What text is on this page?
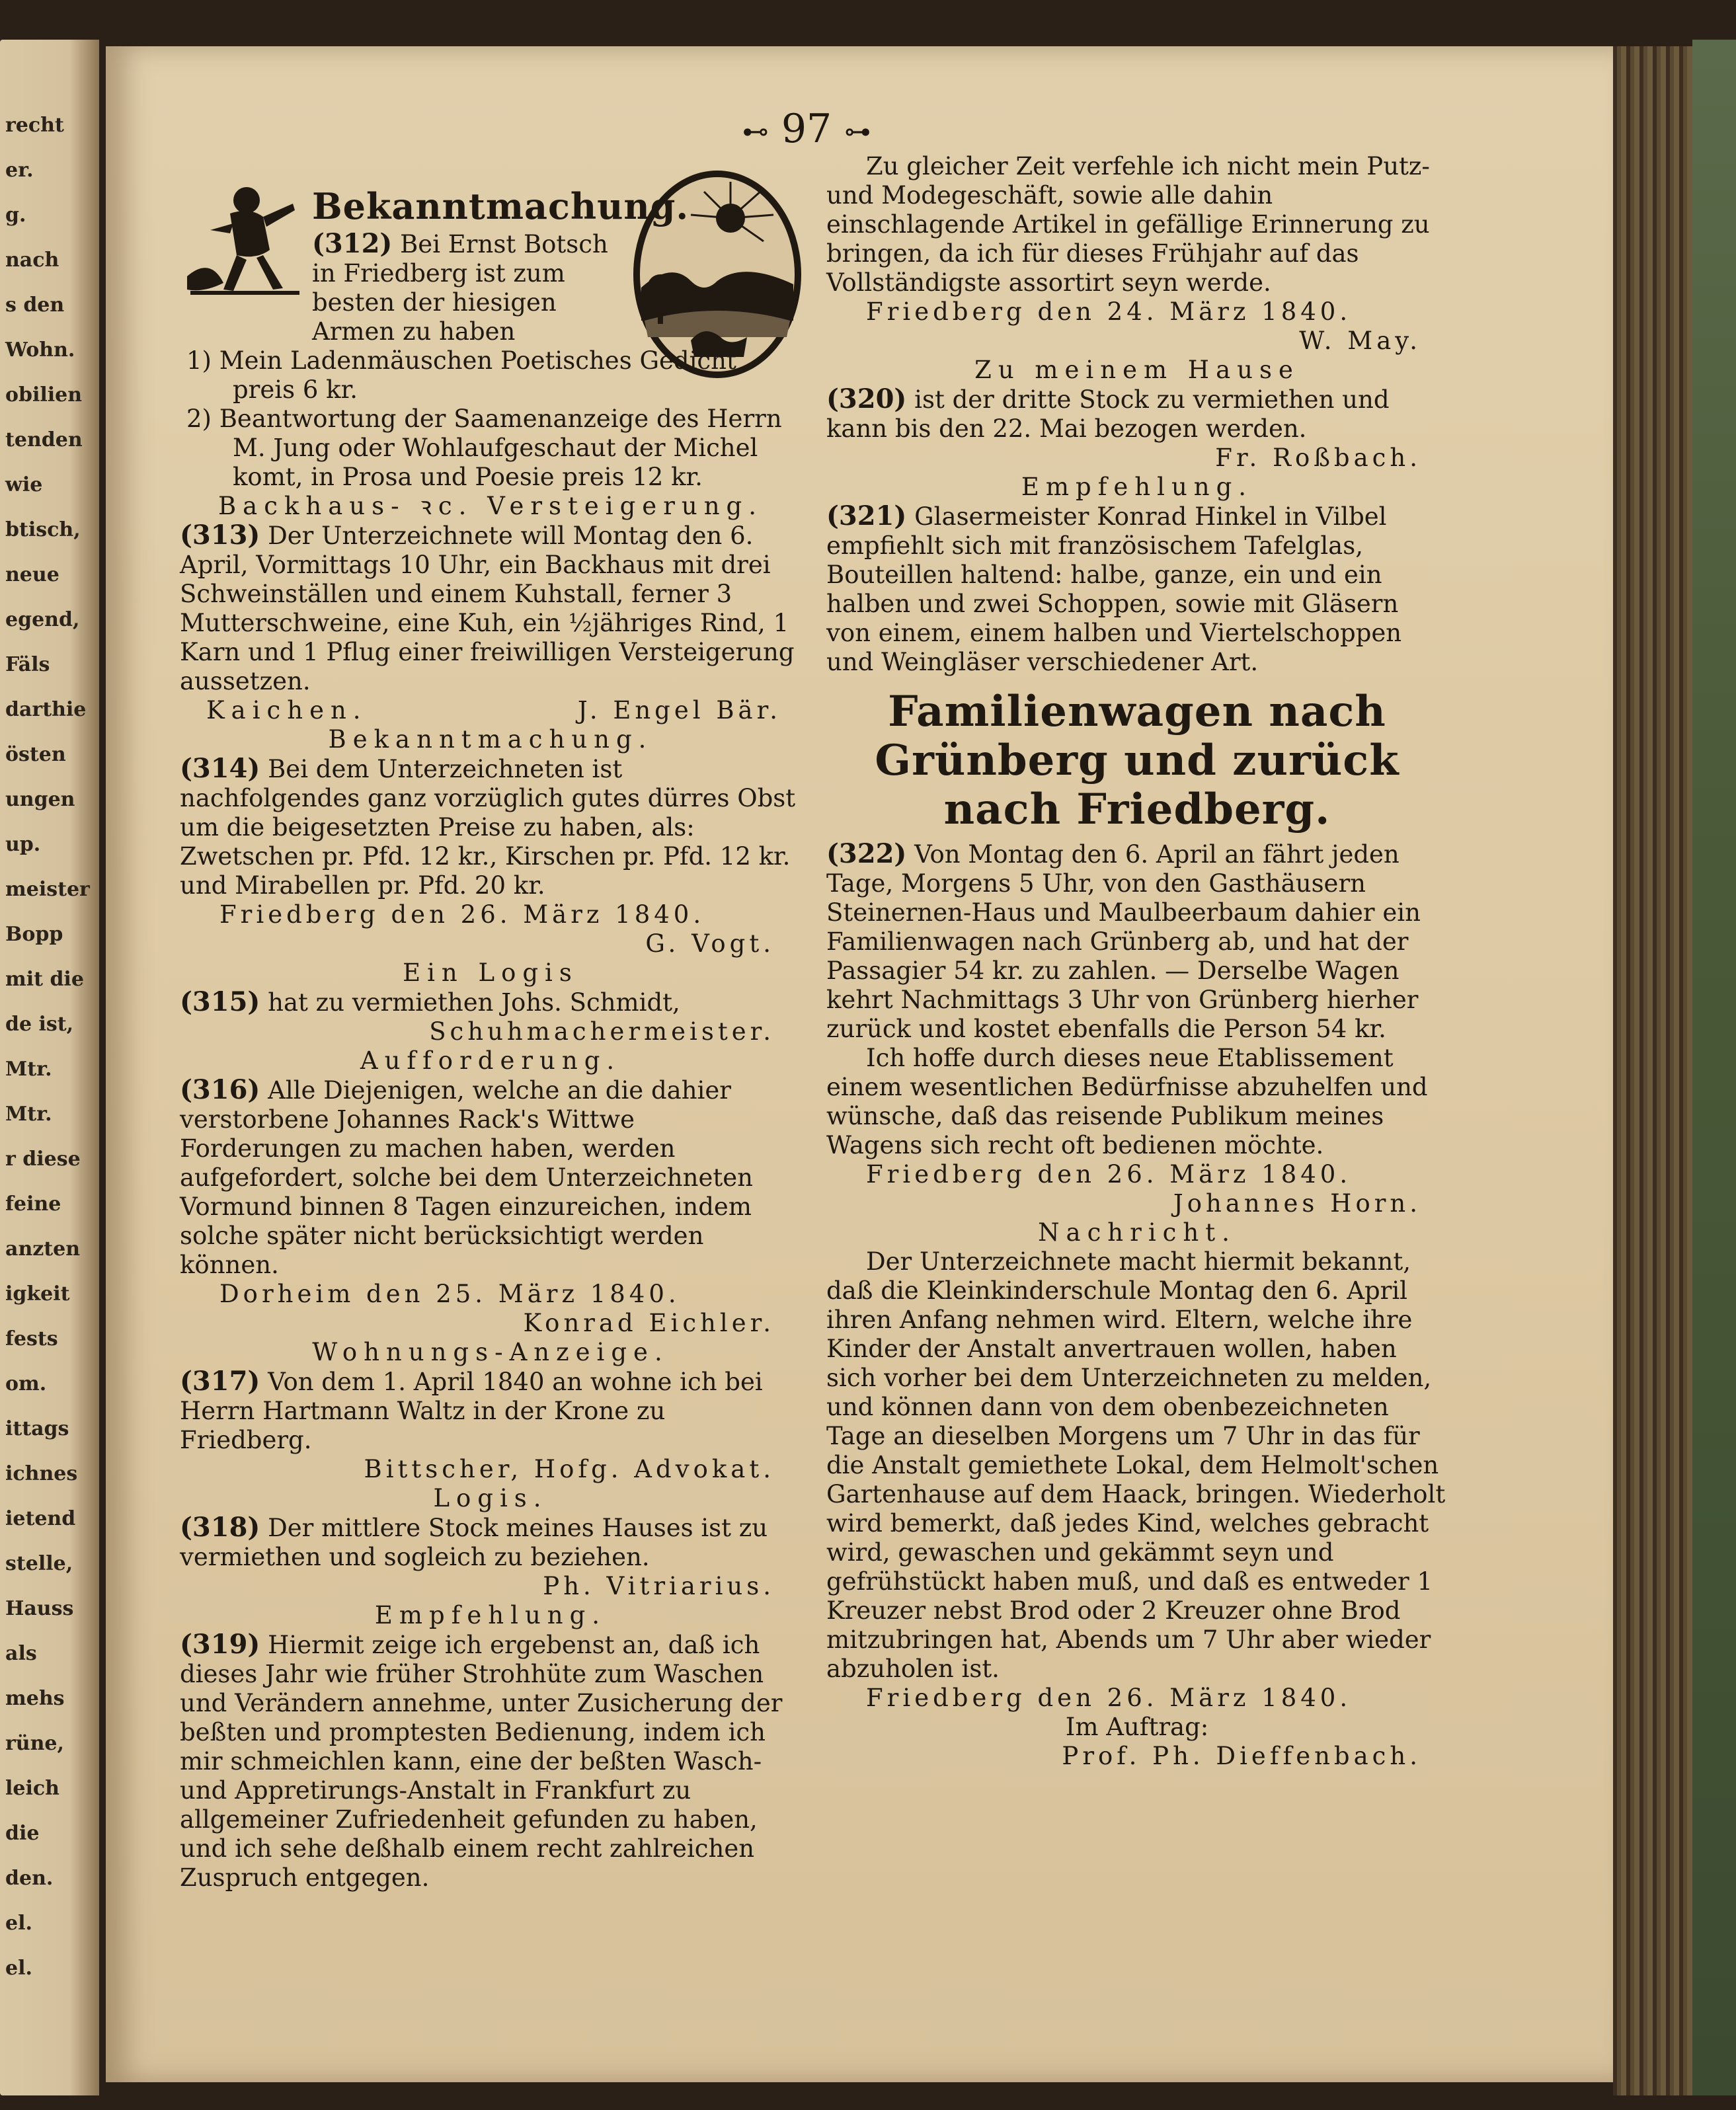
recht
er.
g.
nach
s den
Wohn.
obilien
tenden
wie
btisch,
neue
egend,
Fäls
darthie
östen
ungen
up.
meister
Bopp
mit die
de ist,
Mtr.
Mtr.
r diese
feine
anzten
igkeit
fests
om.
ittags
ichnes
ietend
stelle,
Hauss
als
mehs
rüne,
leich
die
den.
el.
el.
⊷ 97 ⊶
Bekanntmachung.

(312) Bei Ernst Botsch in Friedberg ist zum besten der hiesigen Armen zu haben

1) Mein Ladenmäuschen Poetisches Gedicht preis 6 kr.

2) Beantwortung der Saamenanzeige des Herrn M. Jung oder Wohlaufgeschaut der Michel komt, in Prosa und Poesie preis 12 kr.

Backhaus- ꝛc. Versteigerung.

(313) Der Unterzeichnete will Montag den 6. April, Vormittags 10 Uhr, ein Backhaus mit drei Schweinställen und einem Kuhstall, ferner 3 Mutterschweine, eine Kuh, ein ½jähriges Rind, 1 Karn und 1 Pflug einer freiwilligen Versteigerung aussetzen.

Kaichen.	J. Engel Bär.

Bekanntmachung.

(314) Bei dem Unterzeichneten ist nachfolgendes ganz vorzüglich gutes dürres Obst um die beigesetzten Preise zu haben, als: Zwetschen pr. Pfd. 12 kr., Kirschen pr. Pfd. 12 kr. und Mirabellen pr. Pfd. 20 kr.

Friedberg den 26. März 1840.

G. Vogt.

Ein Logis

(315) hat zu vermiethen Johs. Schmidt,

Schuhmachermeister.

Aufforderung.

(316) Alle Diejenigen, welche an die dahier verstorbene Johannes Rack's Wittwe Forderungen zu machen haben, werden aufgefordert, solche bei dem Unterzeichneten Vormund binnen 8 Tagen einzureichen, indem solche später nicht berücksichtigt werden können.

Dorheim den 25. März 1840.

Konrad Eichler.

Wohnungs-Anzeige.

(317) Von dem 1. April 1840 an wohne ich bei Herrn Hartmann Waltz in der Krone zu Friedberg.

Bittscher, Hofg. Advokat.

Logis.

(318) Der mittlere Stock meines Hauses ist zu vermiethen und sogleich zu beziehen.

Ph. Vitriarius.

Empfehlung.

(319) Hiermit zeige ich ergebenst an, daß ich dieses Jahr wie früher Strohhüte zum Waschen und Verändern annehme, unter Zusicherung der beßten und promptesten Bedienung, indem ich mir schmeichlen kann, eine der beßten Wasch- und Appretirungs-Anstalt in Frankfurt zu allgemeiner Zufriedenheit gefunden zu haben, und ich sehe deßhalb einem recht zahlreichen Zuspruch entgegen.

Zu gleicher Zeit verfehle ich nicht mein Putz- und Modegeschäft, sowie alle dahin einschlagende Artikel in gefällige Erinnerung zu bringen, da ich für dieses Frühjahr auf das Vollständigste assortirt seyn werde.

Friedberg den 24. März 1840.

W. May.

Zu meinem Hause

(320) ist der dritte Stock zu vermiethen und kann bis den 22. Mai bezogen werden.

Fr. Roßbach.

Empfehlung.

(321) Glasermeister Konrad Hinkel in Vilbel empfiehlt sich mit französischem Tafelglas, Bouteillen haltend: halbe, ganze, ein und ein halben und zwei Schoppen, sowie mit Gläsern von einem, einem halben und Viertelschoppen und Weingläser verschiedener Art.

Familienwagen nach Grünberg und zurück nach Friedberg.

(322) Von Montag den 6. April an fährt jeden Tage, Morgens 5 Uhr, von den Gasthäusern Steinernen-Haus und Maulbeerbaum dahier ein Familienwagen nach Grünberg ab, und hat der Passagier 54 kr. zu zahlen. — Derselbe Wagen kehrt Nachmittags 3 Uhr von Grünberg hierher zurück und kostet ebenfalls die Person 54 kr.

Ich hoffe durch dieses neue Etablissement einem wesentlichen Bedürfnisse abzuhelfen und wünsche, daß das reisende Publikum meines Wagens sich recht oft bedienen möchte.

Friedberg den 26. März 1840.

Johannes Horn.

Nachricht.

Der Unterzeichnete macht hiermit bekannt, daß die Kleinkinderschule Montag den 6. April ihren Anfang nehmen wird. Eltern, welche ihre Kinder der Anstalt anvertrauen wollen, haben sich vorher bei dem Unterzeichneten zu melden, und können dann von dem obenbezeichneten Tage an dieselben Morgens um 7 Uhr in das für die Anstalt gemiethete Lokal, dem Helmolt'schen Gartenhause auf dem Haack, bringen. Wiederholt wird bemerkt, daß jedes Kind, welches gebracht wird, gewaschen und gekämmt seyn und gefrühstückt haben muß, und daß es entweder 1 Kreuzer nebst Brod oder 2 Kreuzer ohne Brod mitzubringen hat, Abends um 7 Uhr aber wieder abzuholen ist.

Friedberg den 26. März 1840.

Im Auftrag:

Prof. Ph. Dieffenbach.
